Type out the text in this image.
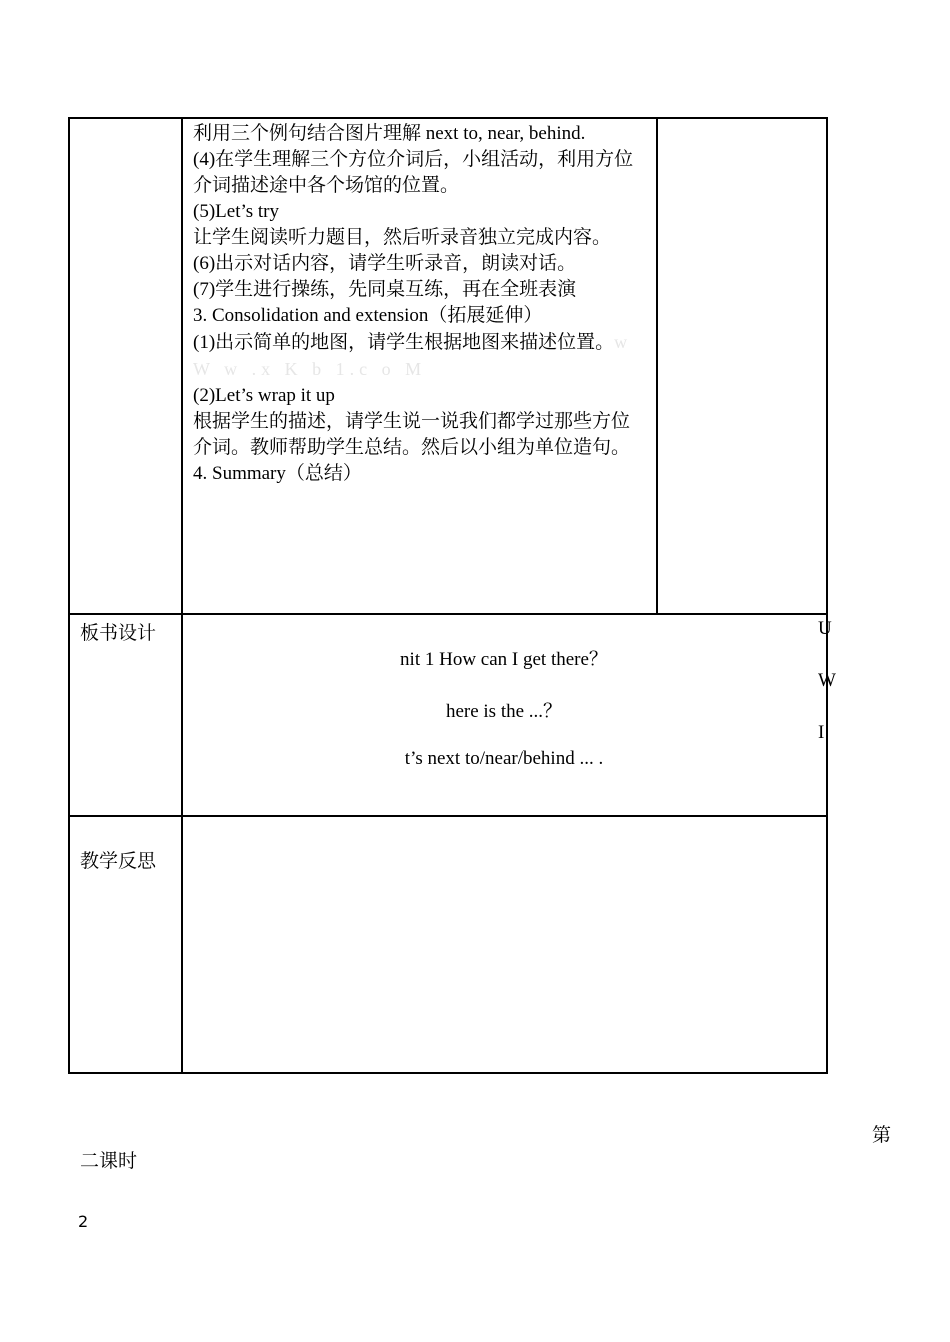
利用三个例句结合图片理解 next to, near, behind.
(4)在学生理解三个方位介词后，小组活动，利用方位介词描述途中各个场馆的位置。
(5)Let’s try
让学生阅读听力题目，然后听录音独立完成内容。
(6)出示对话内容，请学生听录音，朗读对话。
(7)学生进行操练，先同桌互练，再在全班表演
3. Consolidation and extension（拓展延伸）
(1)出示简单的地图，请学生根据地图来描述位置。w W w .x K b 1.c o M
(2)Let’s wrap it up
根据学生的描述，请学生说一说我们都学过那些方位介词。教师帮助学生总结。然后以小组为单位造句。
4. Summary（总结）
板书设计
nit 1 How can I get there？
here is the ...？
t’s next to/near/behind ... .
U
W
I
教学反思
第
二课时
2
